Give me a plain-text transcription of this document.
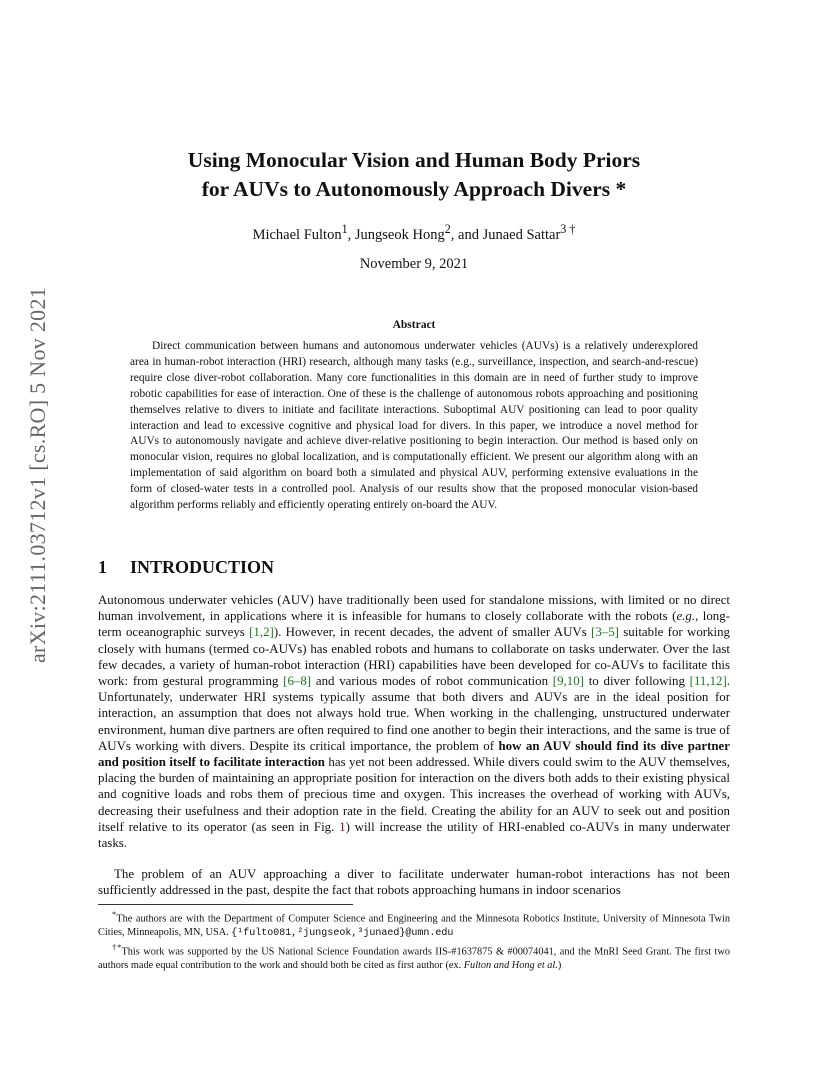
arXiv:2111.03712v1 [cs.RO] 5 Nov 2021
Using Monocular Vision and Human Body Priors
for AUVs to Autonomously Approach Divers *
Michael Fulton$^1$, Jungseok Hong$^2$, and Junaed Sattar$^{3 \dagger}$
November 9, 2021
Abstract

Direct communication between humans and autonomous underwater vehicles (AUVs) is a relatively underexplored area in human-robot interaction (HRI) research, although many tasks (e.g., surveillance, inspection, and search-and-rescue) require close diver-robot collaboration. Many core functionalities in this domain are in need of further study to improve robotic capabilities for ease of interaction. One of these is the challenge of autonomous robots approaching and positioning themselves relative to divers to initiate and facilitate interactions. Suboptimal AUV positioning can lead to poor quality interaction and lead to excessive cognitive and physical load for divers. In this paper, we introduce a novel method for AUVs to autonomously navigate and achieve diver-relative positioning to begin interaction. Our method is based only on monocular vision, requires no global localization, and is computationally efficient. We present our algorithm along with an implementation of said algorithm on board both a simulated and physical AUV, performing extensive evaluations in the form of closed-water tests in a controlled pool. Analysis of our results show that the proposed monocular vision-based algorithm performs reliably and efficiently operating entirely on-board the AUV.

1 INTRODUCTION

Autonomous underwater vehicles (AUV) have traditionally been used for standalone missions, with limited or no direct human involvement, in applications where it is infeasible for humans to closely collaborate with the robots (e.g., long-term oceanographic surveys [1,2]). However, in recent decades, the advent of smaller AUVs [3–5] suitable for working closely with humans (termed co-AUVs) has enabled robots and humans to collaborate on tasks underwater. Over the last few decades, a variety of human-robot interaction (HRI) capabilities have been developed for co-AUVs to facilitate this work: from gestural programming [6–8] and various modes of robot communication [9,10] to diver following [11,12]. Unfortunately, underwater HRI systems typically assume that both divers and AUVs are in the ideal position for interaction, an assumption that does not always hold true. When working in the challenging, unstructured underwater environment, human dive partners are often required to find one another to begin their interactions, and the same is true of AUVs working with divers. Despite its critical importance, the problem of how an AUV should find its dive partner and position itself to facilitate interaction has yet not been addressed. While divers could swim to the AUV themselves, placing the burden of maintaining an appropriate position for interaction on the divers both adds to their existing physical and cognitive loads and robs them of precious time and oxygen. This increases the overhead of working with AUVs, decreasing their usefulness and their adoption rate in the field. Creating the ability for an AUV to seek out and position itself relative to its operator (as seen in Fig. 1) will increase the utility of HRI-enabled co-AUVs in many underwater tasks.

The problem of an AUV approaching a diver to facilitate underwater human-robot interactions has not been sufficiently addressed in the past, despite the fact that robots approaching humans in indoor scenarios

*The authors are with the Department of Computer Science and Engineering and the Minnesota Robotics Institute, University of Minnesota Twin Cities, Minneapolis, MN, USA. {¹fulto081,²jungseok,³junaed}@umn.edu

†*This work was supported by the US National Science Foundation awards IIS-#1637875 & #00074041, and the MnRI Seed Grant. The first two authors made equal contribution to the work and should both be cited as first author (ex. Fulton and Hong et al.)
